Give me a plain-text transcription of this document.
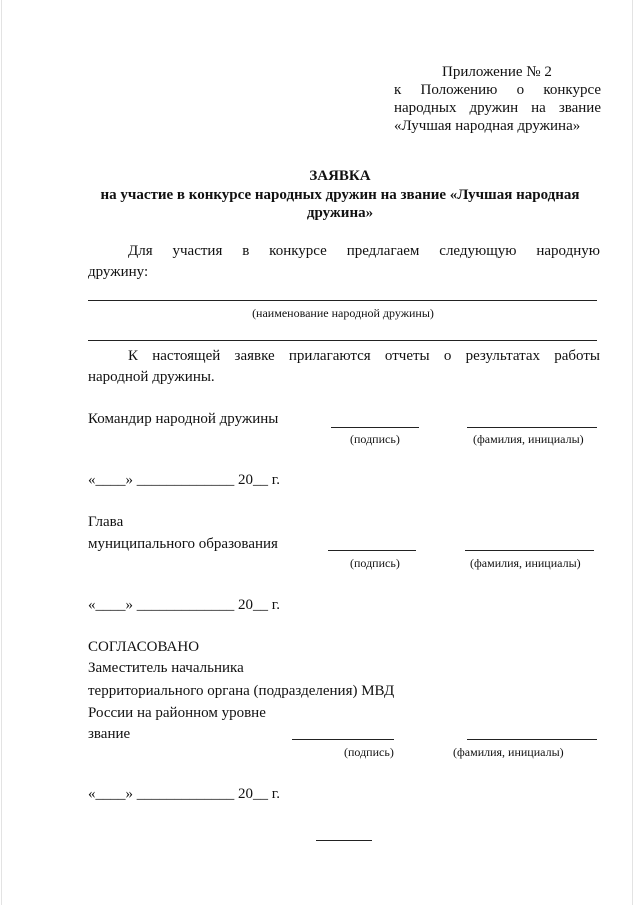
Приложение № 2
к Положению о конкурсе
народных дружин на звание
«Лучшая народная дружина»
ЗАЯВКА
на участие в конкурсе народных дружин на звание «Лучшая народная
дружина»
Для участия в конкурсе предлагаем следующую народную
дружину:
(наименование народной дружины)
К настоящей заявке прилагаются отчеты о результатах работы
народной дружины.
Командир народной дружины
(подпись)	(фамилия, инициалы)
«____» _____________ 20__ г.
Глава
муниципального образования
(подпись)	(фамилия, инициалы)
«____» _____________ 20__ г.
СОГЛАСОВАНО
Заместитель начальника
территориального органа (подразделения) МВД
России на районном уровне
звание
(подпись)	(фамилия, инициалы)
«____» _____________ 20__ г.
